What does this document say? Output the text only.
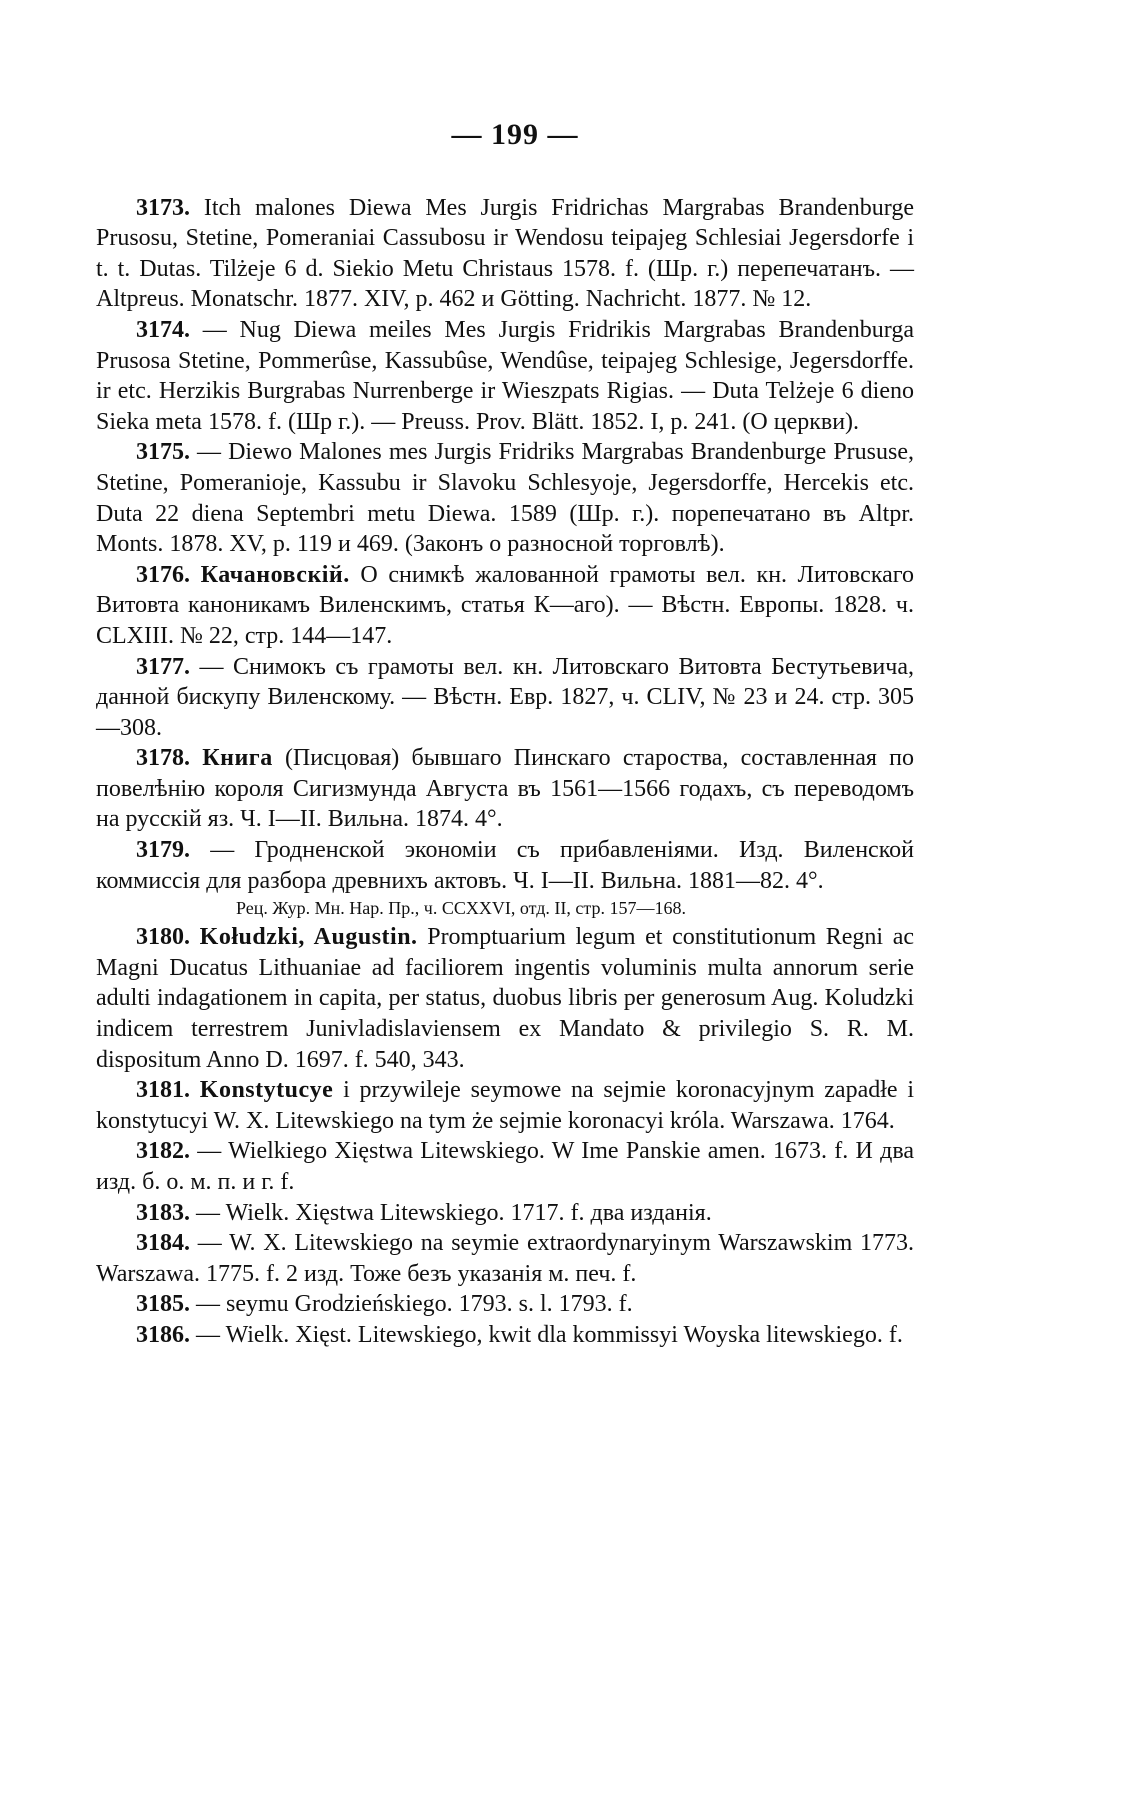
— 199 —

3173. Itch malones Diewa Mes Jurgis Fridrichas Margrabas Brandenburge Prusosu, Stetine, Pomeraniai Cassubosu ir Wendosu teipajeg Schlesiai Jegersdorfe i t. t. Dutas. Tilżeje 6 d. Siekio Metu Christaus 1578. f. (Шр. г.) перепечатанъ. — Altpreus. Monatschr. 1877. XIV, p. 462 и Götting. Nachricht. 1877. № 12.

3174. — Nug Diewa meiles Mes Jurgis Fridrikis Margrabas Brandenburga Prusosa Stetine, Pommerûse, Kassubûse, Wendûse, teipajeg Schlesige, Jegersdorffe. ir etc. Herzikis Burgrabas Nurrenberge ir Wieszpats Rigias. — Duta Telżeje 6 dieno Sieka meta 1578. f. (Шр г.). — Preuss. Prov. Blätt. 1852. I, p. 241. (О церкви).

3175. — Diewo Malones mes Jurgis Fridriks Margrabas Brandenburge Prususe, Stetine, Pomeranioje, Kassubu ir Slavoku Schlesyoje, Jegersdorffe, Hercekis etc. Duta 22 diena Septembri metu Diewa. 1589 (Шр. г.). порепечатано въ Altpr. Monts. 1878. XV, p. 119 и 469. (Законъ о разносной торговлѣ).

3176. Качановскій. О снимкѣ жалованной грамоты вел. кн. Литовскаго Витовта каноникамъ Виленскимъ, статья К—аго). — Вѣстн. Европы. 1828. ч. CLXIII. № 22, стр. 144—147.

3177. — Снимокъ съ грамоты вел. кн. Литовскаго Витовта Бестутьевича, данной бискупу Виленскому. — Вѣстн. Евр. 1827, ч. CLIV, № 23 и 24. стр. 305—308.

3178. Книга (Писцовая) бывшаго Пинскаго староства, составленная по повелѣнію короля Сигизмунда Августа въ 1561—1566 годахъ, съ переводомъ на русскій яз. Ч. I—II. Вильна. 1874. 4°.

3179. — Гродненской экономіи съ прибавленіями. Изд. Виленской коммиссія для разбора древнихъ актовъ. Ч. I—II. Вильна. 1881—82. 4°.

Рец. Жур. Мн. Нар. Пр., ч. CCXXVI, отд. II, стр. 157—168.

3180. Kołudzki, Augustin. Promptuarium legum et constitutionum Regni ac Magni Ducatus Lithuaniae ad faciliorem ingentis voluminis multa annorum serie adulti indagationem in capita, per status, duobus libris per generosum Aug. Koludzki indicem terrestrem Junivladislaviensem ex Mandato & privilegio S. R. M. dispositum Anno D. 1697. f. 540, 343.

3181. Konstytucye i przywileje seymowe na sejmie koronacyjnym zapadłe i konstytucyi W. X. Litewskiego na tym że sejmie koronacyi króla. Warszawa. 1764.

3182. — Wielkiego Xięstwa Litewskiego. W Ime Panskie amen. 1673. f. И два изд. б. о. м. п. и г. f.

3183. — Wielk. Xięstwa Litewskiego. 1717. f. два изданія.

3184. — W. X. Litewskiego na seymie extraordynaryinym Warszawskim 1773. Warszawa. 1775. f. 2 изд. Тоже безъ указанія м. печ. f.

3185. — seymu Grodzieńskiego. 1793. s. l. 1793. f.

3186. — Wielk. Xięst. Litewskiego, kwit dla kommissyi Woyska litewskiego. f.
